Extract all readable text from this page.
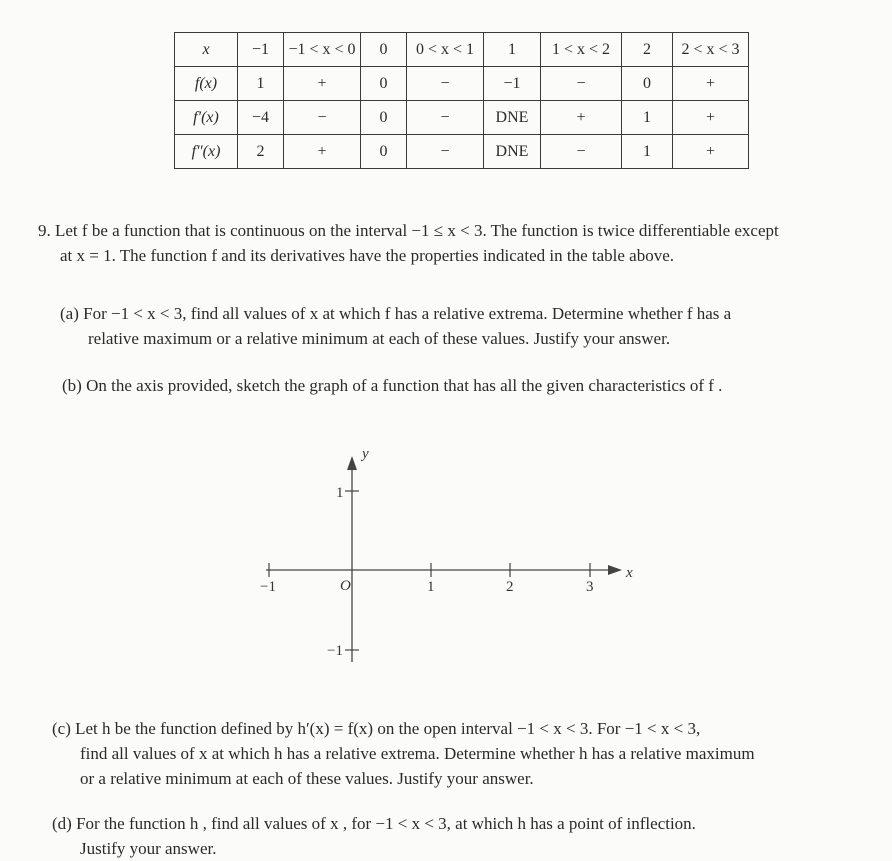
x	−1	−1 < x < 0	0	0 < x < 1	1	1 < x < 2	2	2 < x < 3
f(x)	1	+	0	−	−1	−	0	+
f′(x)	−4	−	0	−	DNE	+	1	+
f″(x)	2	+	0	−	DNE	−	1	+
9. Let f be a function that is continuous on the interval −1 ≤ x < 3. The function is twice differentiable except
at x = 1. The function f and its derivatives have the properties indicated in the table above.
(a) For −1 < x < 3, find all values of x at which f has a relative extrema. Determine whether f has a
relative maximum or a relative minimum at each of these values. Justify your answer.
(b) On the axis provided, sketch the graph of a function that has all the given characteristics of f .
y
x
−1	O	1	2	3
1
−1
(c) Let h be the function defined by h′(x) = f(x) on the open interval −1 < x < 3. For −1 < x < 3,
find all values of x at which h has a relative extrema. Determine whether h has a relative maximum
or a relative minimum at each of these values. Justify your answer.
(d) For the function h , find all values of x , for −1 < x < 3, at which h has a point of inflection.
Justify your answer.
